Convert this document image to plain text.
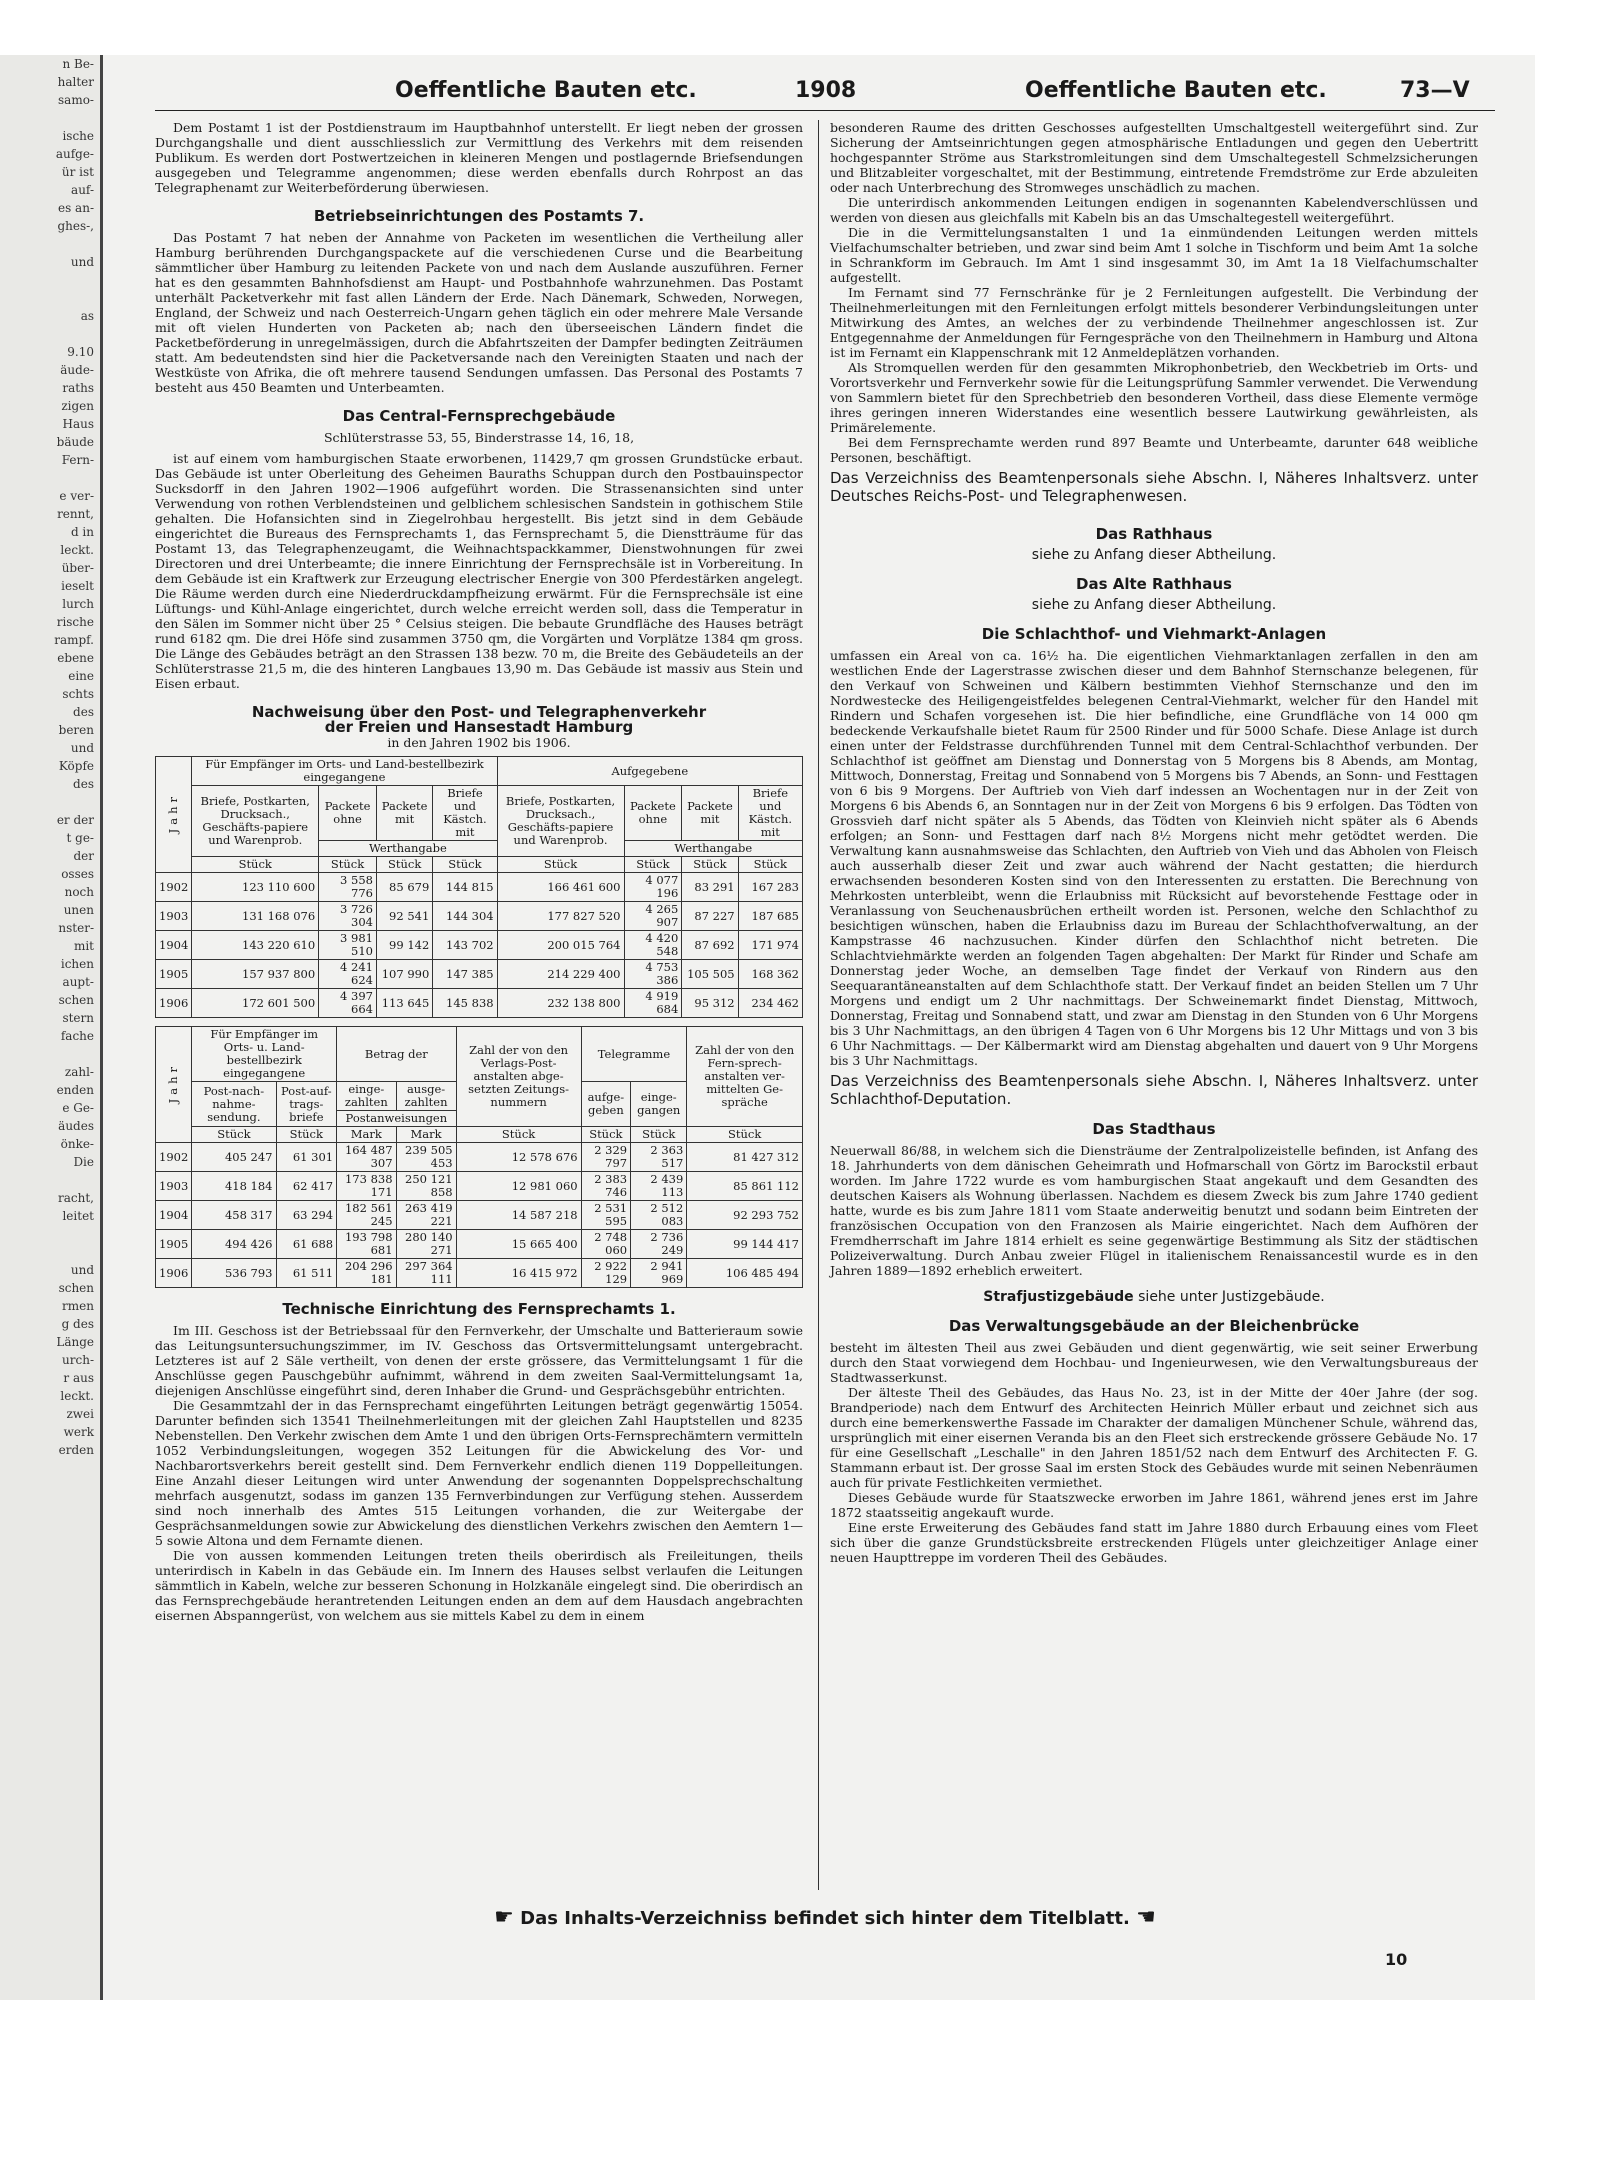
n Be-
halter
samo-

ische
aufge-
ür ist
auf-
es an-
ghes-,

und

as

9.10
äude-
raths
zigen
Haus
bäude
Fern-

e ver-
rennt,
d in
leckt.
über-
ieselt
lurch
rische
rampf.
ebene
eine
schts
des
beren
und
Köpfe
des

er der
t ge-
der
osses
noch
unen
nster-
mit
ichen
aupt-
schen
stern
fache

zahl-
enden
e Ge-
äudes
önke-
Die

racht,
leitet

und
schen
rmen
g des
Länge
urch-
r aus
leckt.
zwei
werk
erden
Oeffentliche Bauten etc.	1908	Oeffentliche Bauten etc.	73—V

Dem Postamt 1 ist der Postdienstraum im Hauptbahnhof unterstellt. Er liegt neben der grossen Durchgangshalle und dient ausschliesslich zur Vermittlung des Verkehrs mit dem reisenden Publikum. Es werden dort Postwertzeichen in kleineren Mengen und postlagernde Briefsendungen ausgegeben und Telegramme angenommen; diese werden ebenfalls durch Rohrpost an das Telegraphenamt zur Weiterbeförderung überwiesen.

Betriebseinrichtungen des Postamts 7.

Das Postamt 7 hat neben der Annahme von Packeten im wesentlichen die Vertheilung aller Hamburg berührenden Durchgangspackete auf die verschiedenen Curse und die Bearbeitung sämmtlicher über Hamburg zu leitenden Packete von und nach dem Auslande auszuführen. Ferner hat es den gesammten Bahnhofsdienst am Haupt- und Postbahnhofe wahrzunehmen. Das Postamt unterhält Packetverkehr mit fast allen Ländern der Erde. Nach Dänemark, Schweden, Norwegen, England, der Schweiz und nach Oesterreich-Ungarn gehen täglich ein oder mehrere Male Versande mit oft vielen Hunderten von Packeten ab; nach den überseeischen Ländern findet die Packetbeförderung in unregelmässigen, durch die Abfahrtszeiten der Dampfer bedingten Zeiträumen statt. Am bedeutendsten sind hier die Packetversande nach den Vereinigten Staaten und nach der Westküste von Afrika, die oft mehrere tausend Sendungen umfassen. Das Personal des Postamts 7 besteht aus 450 Beamten und Unterbeamten.

Das Central-Fernsprechgebäude

Schlüterstrasse 53, 55, Binderstrasse 14, 16, 18,

ist auf einem vom hamburgischen Staate erworbenen, 11429,7 qm grossen Grundstücke erbaut. Das Gebäude ist unter Oberleitung des Geheimen Bauraths Schuppan durch den Postbauinspector Sucksdorff in den Jahren 1902—1906 aufgeführt worden. Die Strassenansichten sind unter Verwendung von rothen Verblendsteinen und gelblichem schlesischen Sandstein in gothischem Stile gehalten. Die Hofansichten sind in Ziegelrohbau hergestellt. Bis jetzt sind in dem Gebäude eingerichtet die Bureaus des Fernsprechamts 1, das Fernsprechamt 5, die Dienstträume für das Postamt 13, das Telegraphenzeugamt, die Weihnachtspackkammer, Dienstwohnungen für zwei Directoren und drei Unterbeamte; die innere Einrichtung der Fernsprechsäle ist in Vorbereitung. In dem Gebäude ist ein Kraftwerk zur Erzeugung electrischer Energie von 300 Pferdestärken angelegt. Die Räume werden durch eine Niederdruckdampfheizung erwärmt. Für die Fernsprechsäle ist eine Lüftungs- und Kühl-Anlage eingerichtet, durch welche erreicht werden soll, dass die Temperatur in den Sälen im Sommer nicht über 25 ° Celsius steigen. Die bebaute Grundfläche des Hauses beträgt rund 6182 qm. Die drei Höfe sind zusammen 3750 qm, die Vorgärten und Vorplätze 1384 qm gross. Die Länge des Gebäudes beträgt an den Strassen 138 bezw. 70 m, die Breite des Gebäudeteils an der Schlüterstrasse 21,5 m, die des hinteren Langbaues 13,90 m. Das Gebäude ist massiv aus Stein und Eisen erbaut.

Nachweisung über den Post- und Telegraphenverkehr
der Freien und Hansestadt Hamburg

in den Jahren 1902 bis 1906.

Jahr	Für Empfänger im Orts- und Land-bestellbezirk eingegangene				Aufgegebene			
	Briefe, Postkarten, Drucksach., Geschäfts-papiere und Warenprob.	Packete ohne	Packete mit	Briefe und Kästch. mit	Briefe, Postkarten, Drucksach., Geschäfts-papiere und Warenprob.	Packete ohne	Packete mit	Briefe und Kästch. mit
		Werthangabe				Werthangabe		
	Stück	Stück	Stück	Stück	Stück	Stück	Stück	Stück
1902	123 110 600	3 558 776	85 679	144 815	166 461 600	4 077 196	83 291	167 283
1903	131 168 076	3 726 304	92 541	144 304	177 827 520	4 265 907	87 227	187 685
1904	143 220 610	3 981 510	99 142	143 702	200 015 764	4 420 548	87 692	171 974
1905	157 937 800	4 241 624	107 990	147 385	214 229 400	4 753 386	105 505	168 362
1906	172 601 500	4 397 664	113 645	145 838	232 138 800	4 919 684	95 312	234 462
Jahr	Für Empfänger im Orts- u. Land-bestellbezirk eingegangene		Betrag der		Zahl der von den Verlags-Post-anstalten abge-setzten Zeitungs-nummern	Telegramme		Zahl der von den Fern-sprech-anstalten ver-mittelten Ge-spräche
	Post-nach-nahme-sendung.	Post-auf-trags-briefe	einge-zahlten	ausge-zahlten		aufge-geben	einge-gangen	
			Postanweisungen					
	Stück	Stück	Mark	Mark	Stück	Stück	Stück	Stück
1902	405 247	61 301	164 487 307	239 505 453	12 578 676	2 329 797	2 363 517	81 427 312
1903	418 184	62 417	173 838 171	250 121 858	12 981 060	2 383 746	2 439 113	85 861 112
1904	458 317	63 294	182 561 245	263 419 221	14 587 218	2 531 595	2 512 083	92 293 752
1905	494 426	61 688	193 798 681	280 140 271	15 665 400	2 748 060	2 736 249	99 144 417
1906	536 793	61 511	204 296 181	297 364 111	16 415 972	2 922 129	2 941 969	106 485 494
Technische Einrichtung des Fernsprechamts 1.

Im III. Geschoss ist der Betriebssaal für den Fernverkehr, der Umschalte und Batterieraum sowie das Leitungsuntersuchungszimmer, im IV. Geschoss das Ortsvermittelungsamt untergebracht. Letzteres ist auf 2 Säle vertheilt, von denen der erste grössere, das Vermittelungsamt 1 für die Anschlüsse gegen Pauschgebühr aufnimmt, während in dem zweiten Saal-Vermittelungsamt 1a, diejenigen Anschlüsse eingeführt sind, deren Inhaber die Grund- und Gesprächsgebühr entrichten.

Die Gesammtzahl der in das Fernsprechamt eingeführten Leitungen beträgt gegenwärtig 15054. Darunter befinden sich 13541 Theilnehmerleitungen mit der gleichen Zahl Hauptstellen und 8235 Nebenstellen. Den Verkehr zwischen dem Amte 1 und den übrigen Orts-Fernsprechämtern vermitteln 1052 Verbindungsleitungen, wogegen 352 Leitungen für die Abwickelung des Vor- und Nachbarortsverkehrs bereit gestellt sind. Dem Fernverkehr endlich dienen 119 Doppelleitungen. Eine Anzahl dieser Leitungen wird unter Anwendung der sogenannten Doppelsprechschaltung mehrfach ausgenutzt, sodass im ganzen 135 Fernverbindungen zur Verfügung stehen. Ausserdem sind noch innerhalb des Amtes 515 Leitungen vorhanden, die zur Weitergabe der Gesprächsanmeldungen sowie zur Abwickelung des dienstlichen Verkehrs zwischen den Aemtern 1—5 sowie Altona und dem Fernamte dienen.

Die von aussen kommenden Leitungen treten theils oberirdisch als Freileitungen, theils unterirdisch in Kabeln in das Gebäude ein. Im Innern des Hauses selbst verlaufen die Leitungen sämmtlich in Kabeln, welche zur besseren Schonung in Holzkanäle eingelegt sind. Die oberirdisch an das Fernsprechgebäude herantretenden Leitungen enden an dem auf dem Hausdach angebrachten eisernen Abspanngerüst, von welchem aus sie mittels Kabel zu dem in einem

besonderen Raume des dritten Geschosses aufgestellten Umschaltgestell weitergeführt sind. Zur Sicherung der Amtseinrichtungen gegen atmosphärische Entladungen und gegen den Uebertritt hochgespannter Ströme aus Starkstromleitungen sind dem Umschaltegestell Schmelzsicherungen und Blitzableiter vorgeschaltet, mit der Bestimmung, eintretende Fremdströme zur Erde abzuleiten oder nach Unterbrechung des Stromweges unschädlich zu machen.

Die unterirdisch ankommenden Leitungen endigen in sogenannten Kabelendverschlüssen und werden von diesen aus gleichfalls mit Kabeln bis an das Umschaltegestell weitergeführt.

Die in die Vermittelungsanstalten 1 und 1a einmündenden Leitungen werden mittels Vielfachumschalter betrieben, und zwar sind beim Amt 1 solche in Tischform und beim Amt 1a solche in Schrankform im Gebrauch. Im Amt 1 sind insgesammt 30, im Amt 1a 18 Vielfachumschalter aufgestellt.

Im Fernamt sind 77 Fernschränke für je 2 Fernleitungen aufgestellt. Die Verbindung der Theilnehmerleitungen mit den Fernleitungen erfolgt mittels besonderer Verbindungsleitungen unter Mitwirkung des Amtes, an welches der zu verbindende Theilnehmer angeschlossen ist. Zur Entgegennahme der Anmeldungen für Ferngespräche von den Theilnehmern in Hamburg und Altona ist im Fernamt ein Klappenschrank mit 12 Anmeldeplätzen vorhanden.

Als Stromquellen werden für den gesammten Mikrophonbetrieb, den Weckbetrieb im Orts- und Vorortsverkehr und Fernverkehr sowie für die Leitungsprüfung Sammler verwendet. Die Verwendung von Sammlern bietet für den Sprechbetrieb den besonderen Vortheil, dass diese Elemente vermöge ihres geringen inneren Widerstandes eine wesentlich bessere Lautwirkung gewährleisten, als Primärelemente.

Bei dem Fernsprechamte werden rund 897 Beamte und Unterbeamte, darunter 648 weibliche Personen, beschäftigt.

Das Verzeichniss des Beamtenpersonals siehe Abschn. I, Näheres Inhaltsverz. unter Deutsches Reichs-Post- und Telegraphenwesen.

Das Rathhaus

siehe zu Anfang dieser Abtheilung.

Das Alte Rathhaus

siehe zu Anfang dieser Abtheilung.

Die Schlachthof- und Viehmarkt-Anlagen

umfassen ein Areal von ca. 16½ ha. Die eigentlichen Viehmarktanlagen zerfallen in den am westlichen Ende der Lagerstrasse zwischen dieser und dem Bahnhof Sternschanze belegenen, für den Verkauf von Schweinen und Kälbern bestimmten Viehhof Sternschanze und den im Nordwestecke des Heiligengeistfeldes belegenen Central-Viehmarkt, welcher für den Handel mit Rindern und Schafen vorgesehen ist. Die hier befindliche, eine Grundfläche von 14 000 qm bedeckende Verkaufshalle bietet Raum für 2500 Rinder und für 5000 Schafe. Diese Anlage ist durch einen unter der Feldstrasse durchführenden Tunnel mit dem Central-Schlachthof verbunden. Der Schlachthof ist geöffnet am Dienstag und Donnerstag von 5 Morgens bis 8 Abends, am Montag, Mittwoch, Donnerstag, Freitag und Sonnabend von 5 Morgens bis 7 Abends, an Sonn- und Festtagen von 6 bis 9 Morgens. Der Auftrieb von Vieh darf indessen an Wochentagen nur in der Zeit von Morgens 6 bis Abends 6, an Sonntagen nur in der Zeit von Morgens 6 bis 9 erfolgen. Das Tödten von Grossvieh darf nicht später als 5 Abends, das Tödten von Kleinvieh nicht später als 6 Abends erfolgen; an Sonn- und Festtagen darf nach 8½ Morgens nicht mehr getödtet werden. Die Verwaltung kann ausnahmsweise das Schlachten, den Auftrieb von Vieh und das Abholen von Fleisch auch ausserhalb dieser Zeit und zwar auch während der Nacht gestatten; die hierdurch erwachsenden besonderen Kosten sind von den Interessenten zu erstatten. Die Berechnung von Mehrkosten unterbleibt, wenn die Erlaubniss mit Rücksicht auf bevorstehende Festtage oder in Veranlassung von Seuchenausbrüchen ertheilt worden ist. Personen, welche den Schlachthof zu besichtigen wünschen, haben die Erlaubniss dazu im Bureau der Schlachthofverwaltung, an der Kampstrasse 46 nachzusuchen. Kinder dürfen den Schlachthof nicht betreten. Die Schlachtviehmärkte werden an folgenden Tagen abgehalten: Der Markt für Rinder und Schafe am Donnerstag jeder Woche, an demselben Tage findet der Verkauf von Rindern aus den Seequarantäneanstalten auf dem Schlachthofe statt. Der Verkauf findet an beiden Stellen um 7 Uhr Morgens und endigt um 2 Uhr nachmittags. Der Schweinemarkt findet Dienstag, Mittwoch, Donnerstag, Freitag und Sonnabend statt, und zwar am Dienstag in den Stunden von 6 Uhr Morgens bis 3 Uhr Nachmittags, an den übrigen 4 Tagen von 6 Uhr Morgens bis 12 Uhr Mittags und von 3 bis 6 Uhr Nachmittags. — Der Kälbermarkt wird am Dienstag abgehalten und dauert von 9 Uhr Morgens bis 3 Uhr Nachmittags.

Das Verzeichniss des Beamtenpersonals siehe Abschn. I, Näheres Inhaltsverz. unter Schlachthof-Deputation.

Das Stadthaus

Neuerwall 86/88, in welchem sich die Diensträume der Zentralpolizeistelle befinden, ist Anfang des 18. Jahrhunderts von dem dänischen Geheimrath und Hofmarschall von Görtz im Barockstil erbaut worden. Im Jahre 1722 wurde es vom hamburgischen Staat angekauft und dem Gesandten des deutschen Kaisers als Wohnung überlassen. Nachdem es diesem Zweck bis zum Jahre 1740 gedient hatte, wurde es bis zum Jahre 1811 vom Staate anderweitig benutzt und sodann beim Eintreten der französischen Occupation von den Franzosen als Mairie eingerichtet. Nach dem Aufhören der Fremdherrschaft im Jahre 1814 erhielt es seine gegenwärtige Bestimmung als Sitz der städtischen Polizeiverwaltung. Durch Anbau zweier Flügel in italienischem Renaissancestil wurde es in den Jahren 1889—1892 erheblich erweitert.

Strafjustizgebäude siehe unter Justizgebäude.

Das Verwaltungsgebäude an der Bleichenbrücke

besteht im ältesten Theil aus zwei Gebäuden und dient gegenwärtig, wie seit seiner Erwerbung durch den Staat vorwiegend dem Hochbau- und Ingenieurwesen, wie den Verwaltungsbureaus der Stadtwasserkunst.

Der älteste Theil des Gebäudes, das Haus No. 23, ist in der Mitte der 40er Jahre (der sog. Brandperiode) nach dem Entwurf des Architecten Heinrich Müller erbaut und zeichnet sich aus durch eine bemerkenswerthe Fassade im Charakter der damaligen Münchener Schule, während das, ursprünglich mit einer eisernen Veranda bis an den Fleet sich erstreckende grössere Gebäude No. 17 für eine Gesellschaft „Leschalle" in den Jahren 1851/52 nach dem Entwurf des Architecten F. G. Stammann erbaut ist. Der grosse Saal im ersten Stock des Gebäudes wurde mit seinen Nebenräumen auch für private Festlichkeiten vermiethet.

Dieses Gebäude wurde für Staatszwecke erworben im Jahre 1861, während jenes erst im Jahre 1872 staatsseitig angekauft wurde.

Eine erste Erweiterung des Gebäudes fand statt im Jahre 1880 durch Erbauung eines vom Fleet sich über die ganze Grundstücksbreite erstreckenden Flügels unter gleichzeitiger Anlage einer neuen Haupttreppe im vorderen Theil des Gebäudes.

☛ Das Inhalts-Verzeichniss befindet sich hinter dem Titelblatt. ☚
10
